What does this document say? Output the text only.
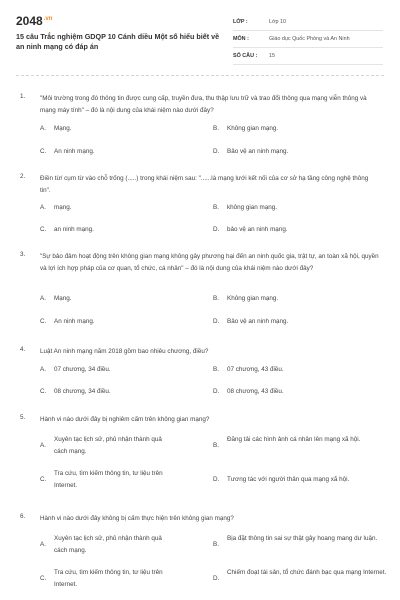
$2048^{.vn}$
15 câu Trắc nghiệm GDQP 10 Cánh diều Một số hiểu biết về an ninh mạng có đáp án
LỚP :	Lớp 10
MÔN :	Giáo dục Quốc Phòng và An Ninh
SỐ CÂU : 15
1. "Môi trường trong đó thông tin được cung cấp, truyền đưa, thu thập lưu trữ và trao đổi thông qua mạng viễn thông và mạng máy tính" – đó là nội dung của khái niệm nào dưới đây?
A. Mạng.	B. Không gian mạng.
C. An ninh mạng.	D. Bảo vệ an ninh mạng.
2. Điền từ/ cụm từ vào chỗ trống (.....) trong khái niệm sau: "......là mạng lưới kết nối của cơ sở hạ tầng công nghệ thông tin".
A. mạng.	B. không gian mạng.
C. an ninh mạng.	D. bảo vệ an ninh mạng.
3. "Sự bảo đảm hoạt động trên không gian mạng không gây phương hại đến an ninh quốc gia, trật tự, an toàn xã hội, quyền và lợi ích hợp pháp của cơ quan, tổ chức, cá nhân" – đó là nội dung của khái niệm nào dưới đây?
A. Mạng.	B. Không gian mạng.
C. An ninh mạng.	D. Bảo vệ an ninh mạng.
4. Luật An ninh mạng năm 2018 gồm bao nhiêu chương, điều?
A. 07 chương, 34 điều.	B. 07 chương, 43 điều.
C. 08 chương, 34 điều.	D. 08 chương, 43 điều.
5. Hành vi nào dưới đây bị nghiêm cấm trên không gian mạng?
A.
Xuyên tạc lịch sử, phủ nhận thành quả cách mạng.
B.
Đăng tải các hình ảnh cá nhân lên mạng xã hội.
C.
Tra cứu, tìm kiếm thông tin, tư liệu trên Internet.
D. Tương tác với người thân qua mạng xã hội.
6. Hành vi nào dưới đây không bị cấm thực hiện trên không gian mạng?
A.
Xuyên tạc lịch sử, phủ nhận thành quả cách mạng.
B.
Bịa đặt thông tin sai sự thật gây hoang mang dư luận.
C.
Tra cứu, tìm kiếm thông tin, tư liệu trên Internet.
D.
Chiếm đoạt tài sản, tổ chức đánh bạc qua mạng Internet.
